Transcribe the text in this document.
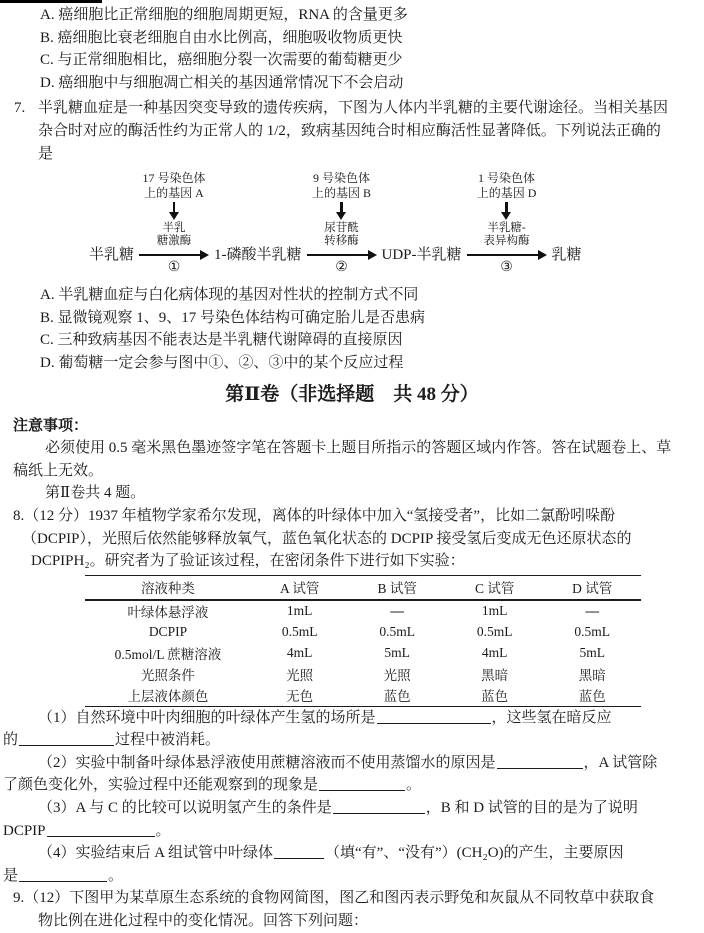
A. 癌细胞比正常细胞的细胞周期更短，RNA 的含量更多
B. 癌细胞比衰老细胞自由水比例高，细胞吸收物质更快
C. 与正常细胞相比，癌细胞分裂一次需要的葡萄糖更少
D. 癌细胞中与细胞凋亡相关的基因通常情况下不会启动
7. 半乳糖血症是一种基因突变导致的遗传疾病，下图为人体内半乳糖的主要代谢途径。当相关基因
杂合时对应的酶活性约为正常人的 1/2，致病基因纯合时相应酶活性显著降低。下列说法正确的
是
半乳糖
17 号染色体
上的基因 A
半乳
糖激酶
①
1-磷酸半乳糖
9 号染色体
上的基因 B
尿苷酰
转移酶
②
UDP-半乳糖
1 号染色体
上的基因 D
半乳糖-
表异构酶
③
乳糖
A. 半乳糖血症与白化病体现的基因对性状的控制方式不同
B. 显微镜观察 1、9、17 号染色体结构可确定胎儿是否患病
C. 三种致病基因不能表达是半乳糖代谢障碍的直接原因
D. 葡萄糖一定会参与图中①、②、③中的某个反应过程
第Ⅱ卷（非选择题　共 48 分）
注意事项：
必须使用 0.5 毫米黑色墨迹签字笔在答题卡上题目所指示的答题区域内作答。答在试题卷上、草
稿纸上无效。
第Ⅱ卷共 4 题。
8.（12 分）1937 年植物学家希尔发现，离体的叶绿体中加入“氢接受者”，比如二氯酚吲哚酚
（DCPIP），光照后依然能够释放氧气，蓝色氧化状态的 DCPIP 接受氢后变成无色还原状态的
DCPIPH₂。研究者为了验证该过程，在密闭条件下进行如下实验：
溶液种类	A 试管	B 试管	C 试管	D 试管
叶绿体悬浮液	1mL	—	1mL	—
DCPIP	0.5mL	0.5mL	0.5mL	0.5mL
0.5mol/L 蔗糖溶液	4mL	5mL	4mL	5mL
光照条件	光照	光照	黑暗	黑暗
上层液体颜色	无色	蓝色	蓝色	蓝色
（1）自然环境中叶肉细胞的叶绿体产生氢的场所是	，这些氢在暗反应
的	过程中被消耗。
（2）实验中制备叶绿体悬浮液使用蔗糖溶液而不使用蒸馏水的原因是	，A 试管除
了颜色变化外，实验过程中还能观察到的现象是	。
（3）A 与 C 的比较可以说明氢产生的条件是	，B 和 D 试管的目的是为了说明
DCPIP	。
（4）实验结束后 A 组试管中叶绿体	（填“有”、“没有”）(CH₂O)的产生，主要原因
是	。
9.（12）下图甲为某草原生态系统的食物网简图，图乙和图丙表示野兔和灰鼠从不同牧草中获取食
物比例在进化过程中的变化情况。回答下列问题：
